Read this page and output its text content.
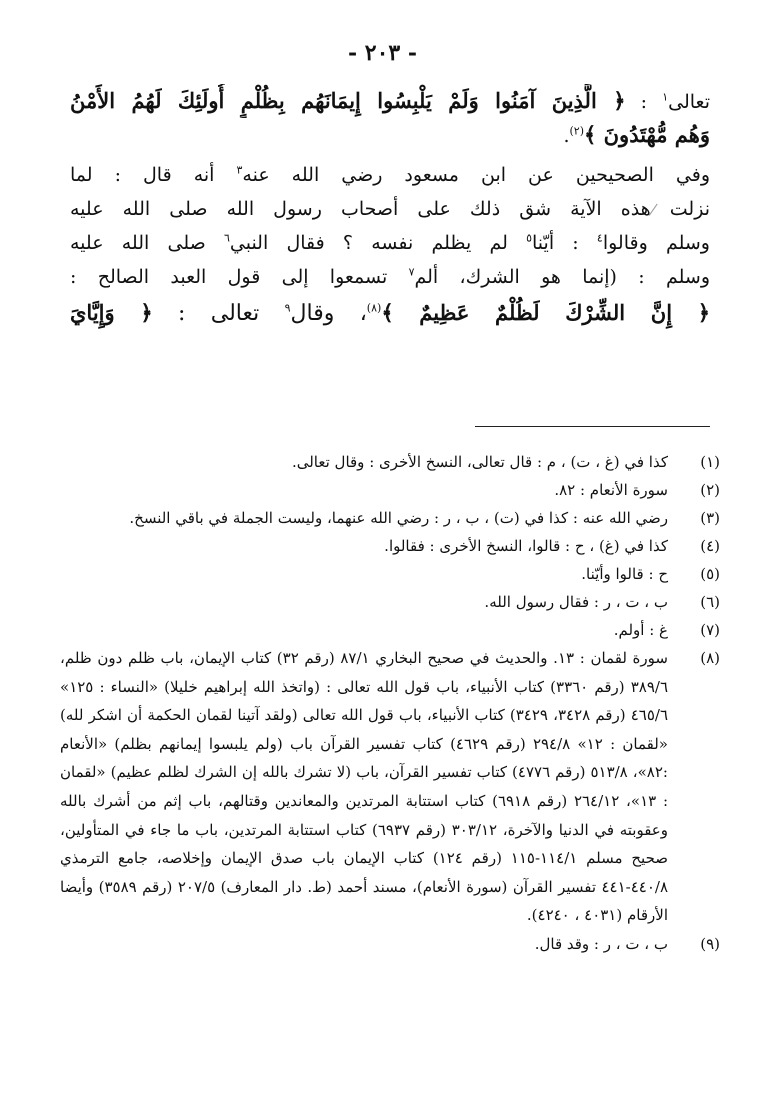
- ٢٠٣ -
تعالى$^١$ : ﴿ الَّذِينَ آمَنُوا وَلَمْ يَلْبِسُوا إِيمَانَهُم بِظُلْمٍ أُولَئِكَ لَهُمُ الأَمْنُ
وَهُم مُّهْتَدُونَ ﴾$^{(٢)}$.
وفي الصحيحين عن ابن مسعود رضي الله عنه$^٣$ أنه قال : لما
نزلت هذه الآية شق ذلك على أصحاب رسول الله صلى الله عليه
وسلم وقالوا$^٤$ : أيّنا$^٥$ لم يظلم نفسه ؟ فقال النبي$^٦$ صلى الله عليه
وسلم : (إنما هو الشرك، ألم$^٧$ تسمعوا إلى قول العبد الصالح :
﴿ إِنَّ الشِّرْكَ لَظُلْمٌ عَظِيمٌ ﴾$^{(٨)}$، وقال$^٩$ تعالى : ﴿ وَإِيَّايَ
(١)
كذا في (غ ، ت) ، م : قال تعالى، النسخ الأخرى : وقال تعالى.
(٢)
سورة الأنعام : ٨٢.
(٣)
رضي الله عنه : كذا في (ت) ، ب ، ر : رضي الله عنهما، وليست الجملة في باقي النسخ.
(٤)
كذا في (غ) ، ح : قالوا، النسخ الأخرى : فقالوا.
(٥)
ح : قالوا وأيّنا.
(٦)
ب ، ت ، ر : فقال رسول الله.
(٧)
غ : أولم.
(٨)
سورة لقمان : ١٣. والحديث في صحيح البخاري ٨٧/١ (رقم ٣٢) كتاب الإيمان، باب ظلم دون ظلم، ٣٨٩/٦ (رقم ٣٣٦٠) كتاب الأنبياء، باب قول الله تعالى : (واتخذ الله إبراهيم خليلا) «النساء : ١٢٥» ٤٦٥/٦ (رقم ٣٤٢٨، ٣٤٢٩) كتاب الأنبياء، باب قول الله تعالى (ولقد آتينا لقمان الحكمة أن اشكر لله) «لقمان : ١٢» ٢٩٤/٨ (رقم ٤٦٢٩) كتاب تفسير القرآن باب (ولم يلبسوا إيمانهم بظلم) «الأنعام :٨٢»، ٥١٣/٨ (رقم ٤٧٧٦) كتاب تفسير القرآن، باب (لا تشرك بالله إن الشرك لظلم عظيم) «لقمان : ١٣»، ٢٦٤/١٢ (رقم ٦٩١٨) كتاب استتابة المرتدين والمعاندين وقتالهم، باب إثم من أشرك بالله وعقوبته في الدنيا والآخرة، ٣٠٣/١٢ (رقم ٦٩٣٧) كتاب استتابة المرتدين، باب ما جاء في المتأولين، صحيح مسلم ١١٤/١-١١٥ (رقم ١٢٤) كتاب الإيمان باب صدق الإيمان وإخلاصه، جامع الترمذي ٤٤٠/٨-٤٤١ تفسير القرآن (سورة الأنعام)، مسند أحمد (ط. دار المعارف) ٢٠٧/٥ (رقم ٣٥٨٩) وأيضا الأرقام (٤٠٣١ ، ٤٢٤٠).
(٩)
ب ، ت ، ر : وقد قال.
